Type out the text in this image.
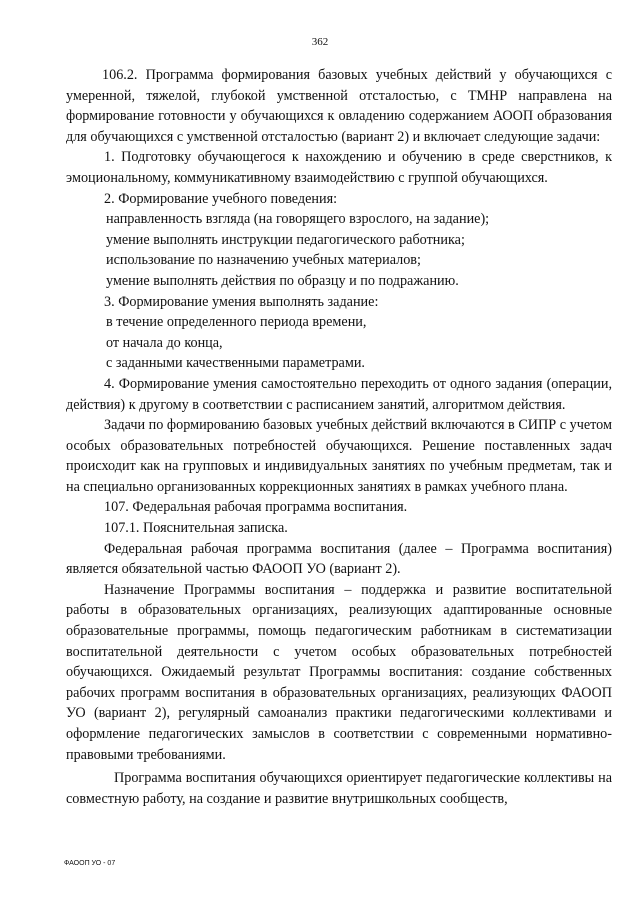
362

106.2. Программа формирования базовых учебных действий у обучающихся с умеренной, тяжелой, глубокой умственной отсталостью, с ТМНР направлена на формирование готовности у обучающихся к овладению содержанием АООП образования для обучающихся с умственной отсталостью (вариант 2) и включает следующие задачи:

1. Подготовку обучающегося к нахождению и обучению в среде сверстников, к эмоциональному, коммуникативному взаимодействию с группой обучающихся.

2. Формирование учебного поведения:

направленность взгляда (на говорящего взрослого, на задание);

умение выполнять инструкции педагогического работника;

использование по назначению учебных материалов;

умение выполнять действия по образцу и по подражанию.

3. Формирование умения выполнять задание:

в течение определенного периода времени,

от начала до конца,

с заданными качественными параметрами.

4. Формирование умения самостоятельно переходить от одного задания (операции, действия) к другому в соответствии с расписанием занятий, алгоритмом действия.

Задачи по формированию базовых учебных действий включаются в СИПР с учетом особых образовательных потребностей обучающихся. Решение поставленных задач происходит как на групповых и индивидуальных занятиях по учебным предметам, так и на специально организованных коррекционных занятиях в рамках учебного плана.

107. Федеральная рабочая программа воспитания.

107.1. Пояснительная записка.

Федеральная рабочая программа воспитания (далее – Программа воспитания) является обязательной частью ФАООП УО (вариант 2).

Назначение Программы воспитания – поддержка и развитие воспитательной работы в образовательных организациях, реализующих адаптированные основные образовательные программы, помощь педагогическим работникам в систематизации воспитательной деятельности с учетом особых образовательных потребностей обучающихся. Ожидаемый результат Программы воспитания: создание собственных рабочих программ воспитания в образовательных организациях, реализующих ФАООП УО (вариант 2), регулярный самоанализ практики педагогическими коллективами и оформление педагогических замыслов в соответствии с современными нормативно-правовыми требованиями.

Программа воспитания обучающихся ориентирует педагогические коллективы на совместную работу, на создание и развитие внутришкольных сообществ,

ФАООП УО - 07
